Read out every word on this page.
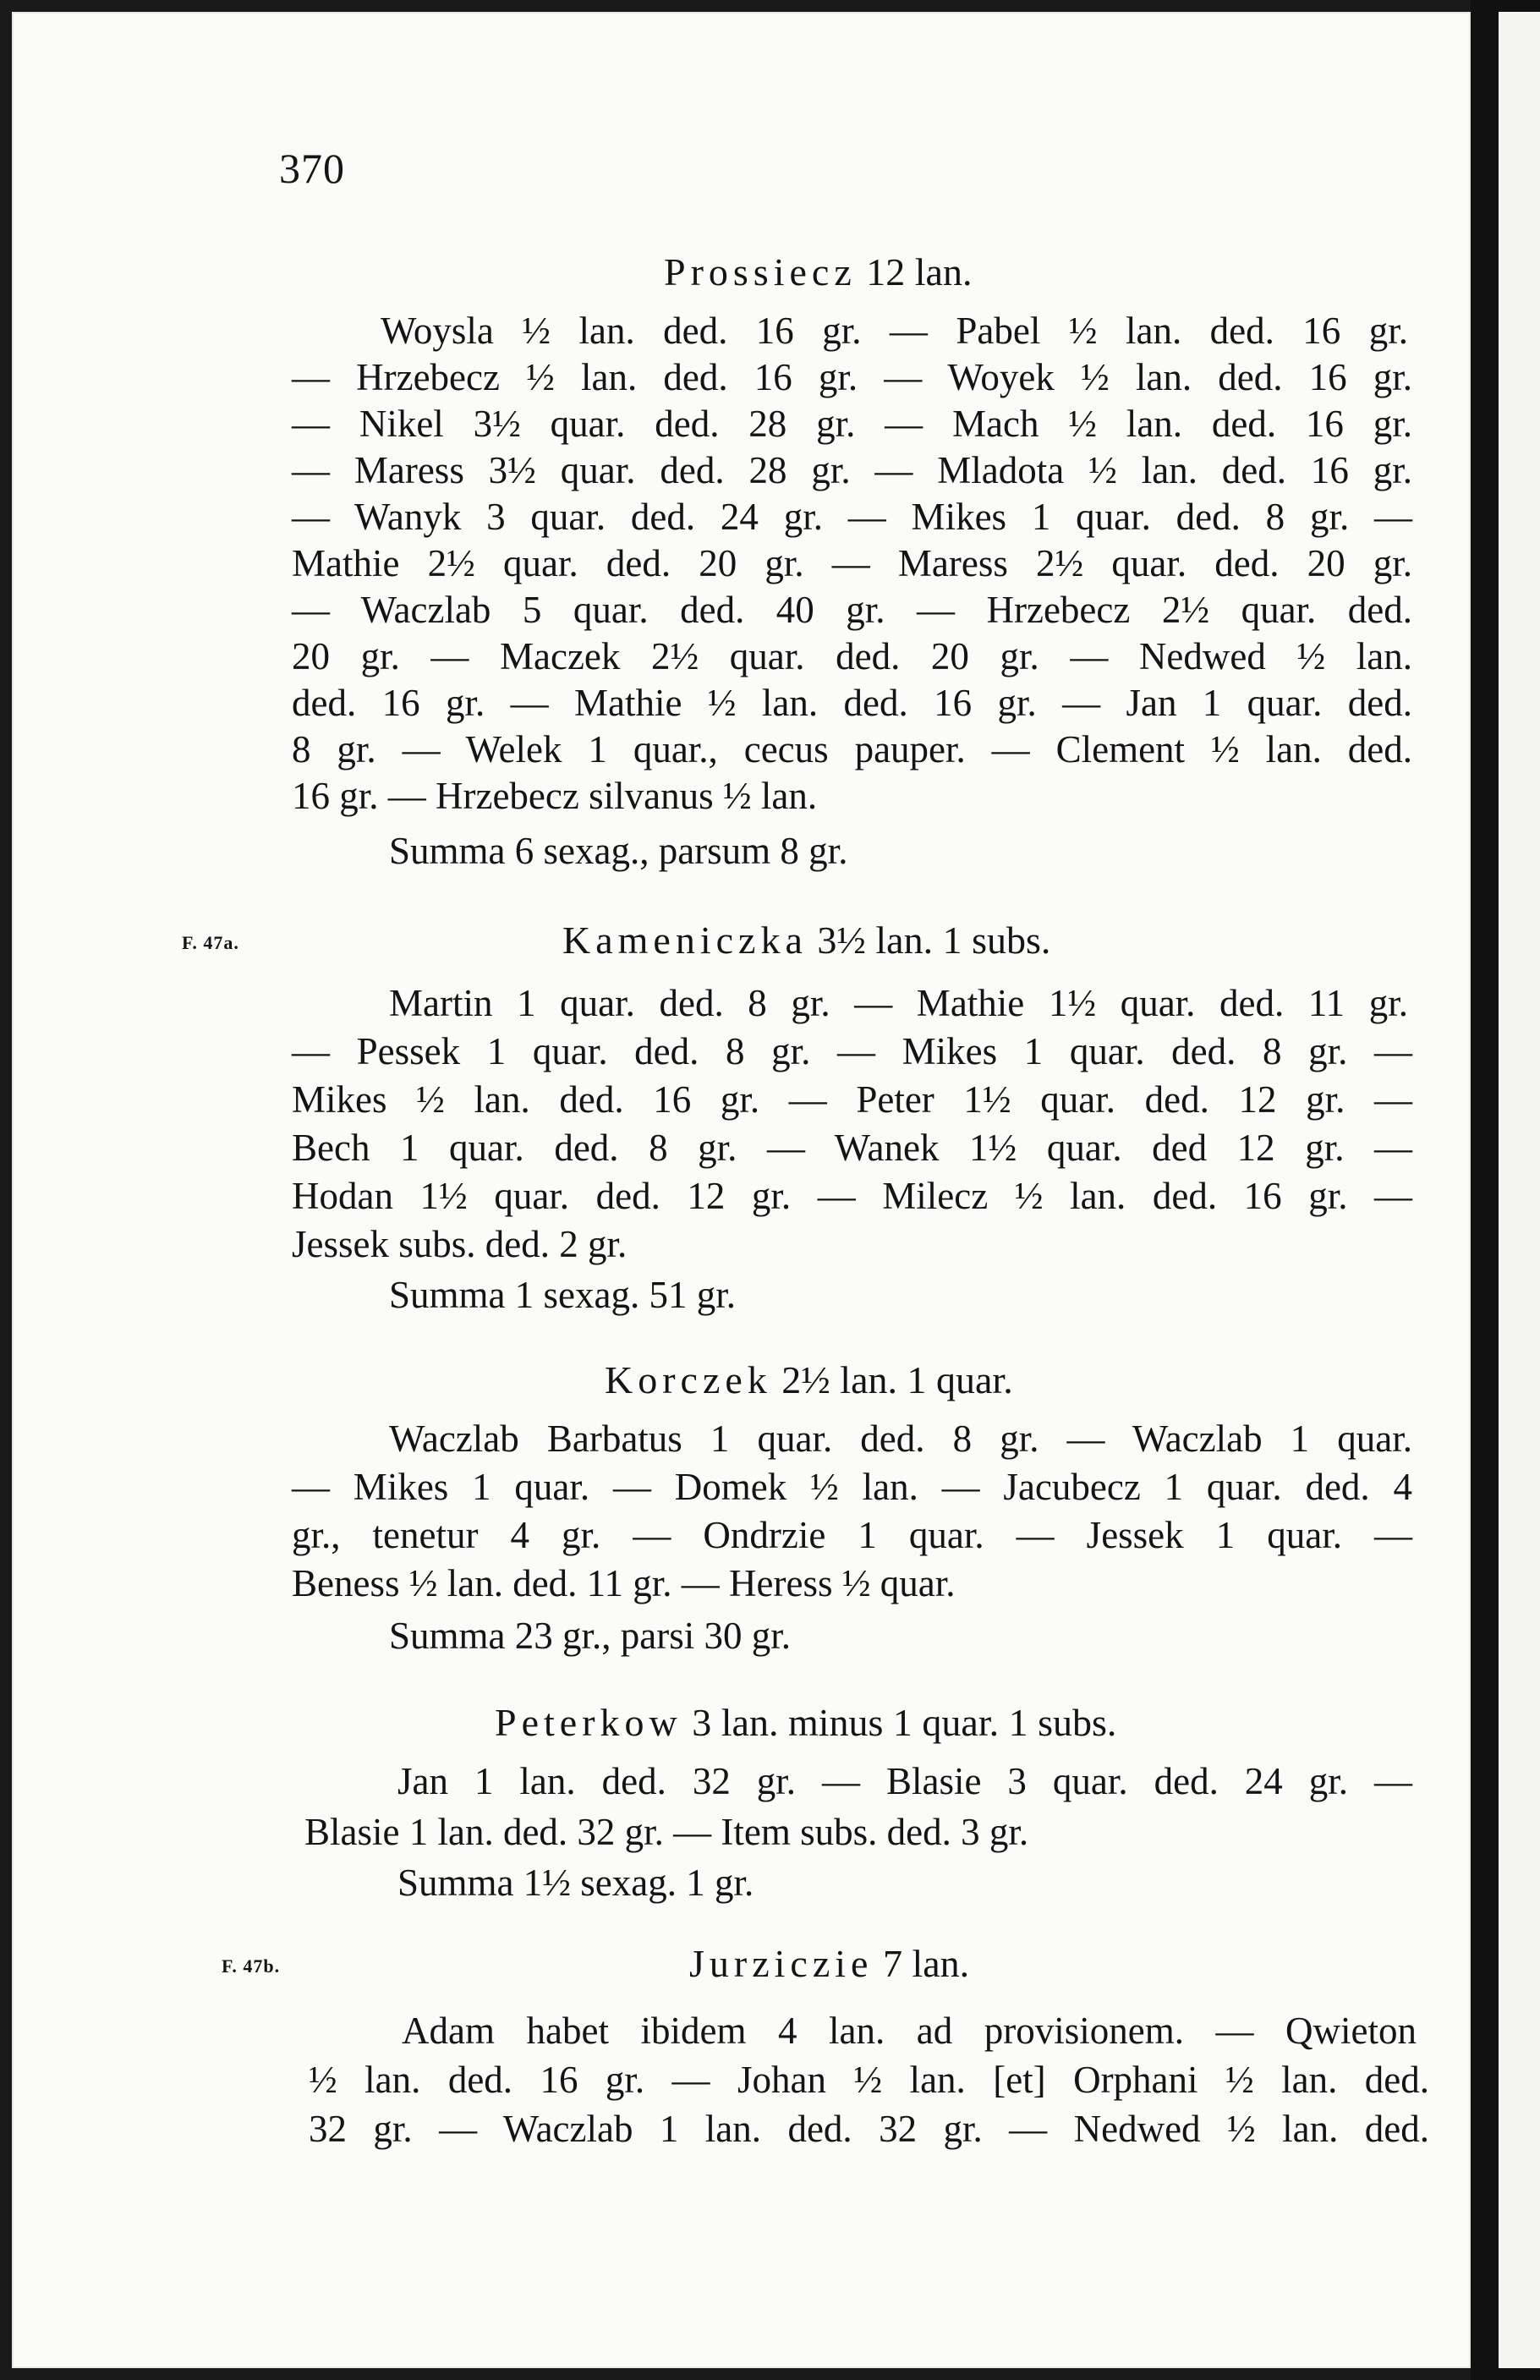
370
Prossiecz 12 lan.
Woysla ½ lan. ded. 16 gr. — Pabel ½ lan. ded. 16 gr.
— Hrzebecz ½ lan. ded. 16 gr. — Woyek ½ lan. ded. 16 gr.
— Nikel 3½ quar. ded. 28 gr. — Mach ½ lan. ded. 16 gr.
— Maress 3½ quar. ded. 28 gr. — Mladota ½ lan. ded. 16 gr.
— Wanyk 3 quar. ded. 24 gr. — Mikes 1 quar. ded. 8 gr. —
Mathie 2½ quar. ded. 20 gr. — Maress 2½ quar. ded. 20 gr.
— Waczlab 5 quar. ded. 40 gr. — Hrzebecz 2½ quar. ded.
20 gr. — Maczek 2½ quar. ded. 20 gr. — Nedwed ½ lan.
ded. 16 gr. — Mathie ½ lan. ded. 16 gr. — Jan 1 quar. ded.
8 gr. — Welek 1 quar., cecus pauper. — Clement ½ lan. ded.
16 gr. — Hrzebecz silvanus ½ lan.
Summa 6 sexag., parsum 8 gr.
F. 47a.	Kameniczka 3½ lan. 1 subs.
Martin 1 quar. ded. 8 gr. — Mathie 1½ quar. ded. 11 gr.
— Pessek 1 quar. ded. 8 gr. — Mikes 1 quar. ded. 8 gr. —
Mikes ½ lan. ded. 16 gr. — Peter 1½ quar. ded. 12 gr. —
Bech 1 quar. ded. 8 gr. — Wanek 1½ quar. ded 12 gr. —
Hodan 1½ quar. ded. 12 gr. — Milecz ½ lan. ded. 16 gr. —
Jessek subs. ded. 2 gr.
Summa 1 sexag. 51 gr.
Korczek 2½ lan. 1 quar.
Waczlab Barbatus 1 quar. ded. 8 gr. — Waczlab 1 quar.
— Mikes 1 quar. — Domek ½ lan. — Jacubecz 1 quar. ded. 4
gr., tenetur 4 gr. — Ondrzie 1 quar. — Jessek 1 quar. —
Beness ½ lan. ded. 11 gr. — Heress ½ quar.
Summa 23 gr., parsi 30 gr.
Peterkow 3 lan. minus 1 quar. 1 subs.
Jan 1 lan. ded. 32 gr. — Blasie 3 quar. ded. 24 gr. —
Blasie 1 lan. ded. 32 gr. — Item subs. ded. 3 gr.
Summa 1½ sexag. 1 gr.
F. 47b.	Jurziczie 7 lan.
Adam habet ibidem 4 lan. ad provisionem. — Qwieton
½ lan. ded. 16 gr. — Johan ½ lan. [et] Orphani ½ lan. ded.
32 gr. — Waczlab 1 lan. ded. 32 gr. — Nedwed ½ lan. ded.
